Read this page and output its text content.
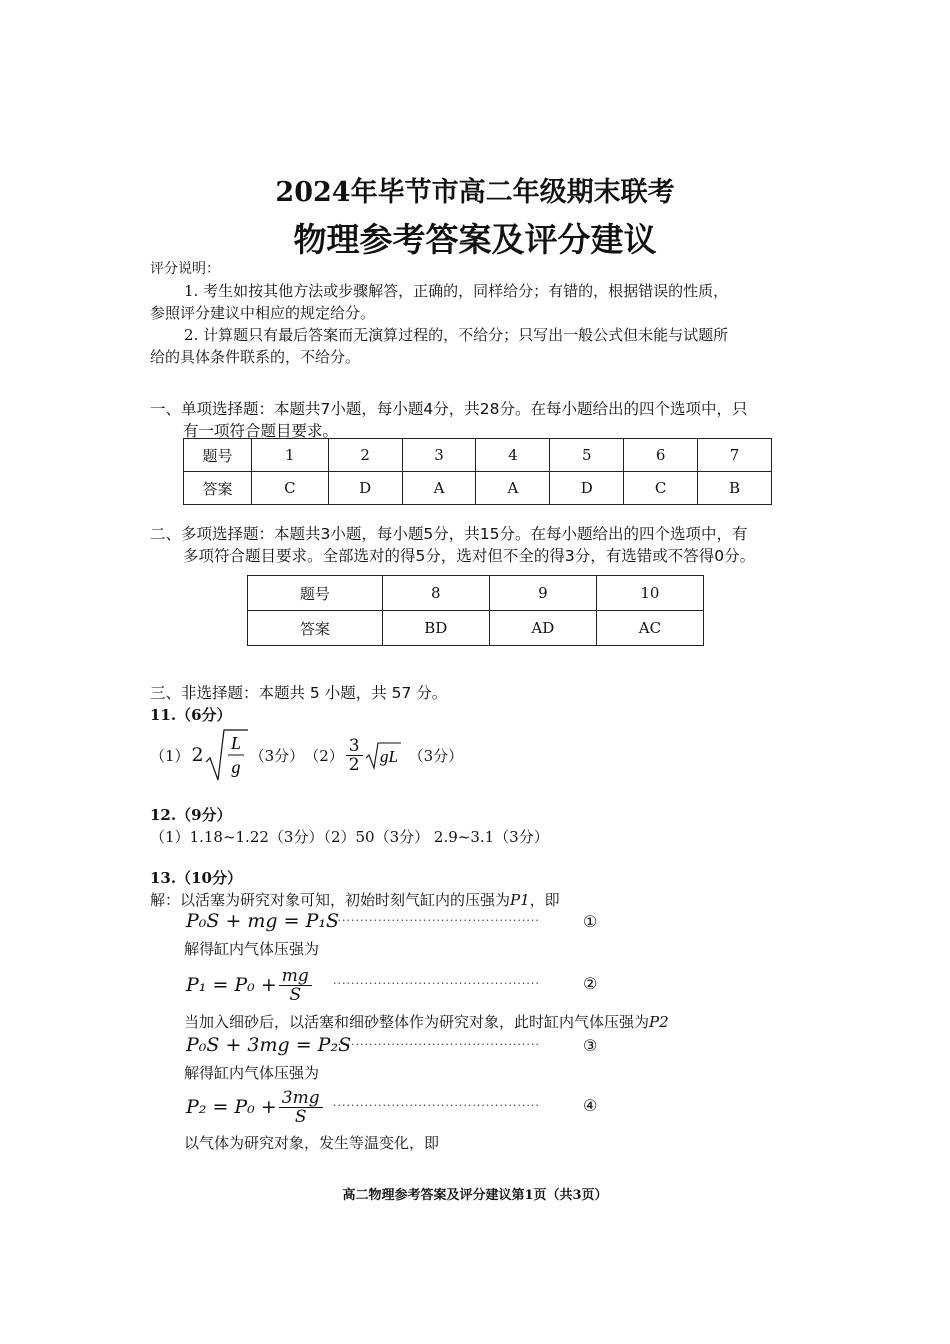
2024年毕节市高二年级期末联考
物理参考答案及评分建议
评分说明：
1. 考生如按其他方法或步骤解答，正确的，同样给分；有错的，根据错误的性质，
参照评分建议中相应的规定给分。
2. 计算题只有最后答案而无演算过程的，不给分；只写出一般公式但未能与试题所
给的具体条件联系的，不给分。
一、单项选择题：本题共7小题，每小题4分，共28分。在每小题给出的四个选项中，只
有一项符合题目要求。
题号	1	2	3	4	5	6	7
答案	C	D	A	A	D	C	B
二、多项选择题：本题共3小题，每小题5分，共15分。在每小题给出的四个选项中，有
多项符合题目要求。全部选对的得5分，选对但不全的得3分，有选错或不答得0分。
题号	8	9	10
答案	BD	AD	AC
三、非选择题：本题共 5 小题，共 57 分。
11.（6分）
（1） 2
L
g
（3分） $(2) \frac{3}{2}$ gL （3分）
12.（9分）
（1）1.18~1.22（3分）（2）50（3分） 2.9~3.1（3分）
13.（10分）
解：以活塞为研究对象可知，初始时刻气缸内的压强为P1，即
P₀S + mg = P₁S
··············································	①
解得缸内气体压强为
$P_1 = P_0 + \frac{mg}{S}$ ··············································	②
当加入细砂后，以活塞和细砂整体作为研究对象，此时缸内气体压强为P2
P₀S + 3mg = P₂S
··············································	③
解得缸内气体压强为
$P_2 = P_0 + \frac{3mg}{S}$ ··············································	④
以气体为研究对象，发生等温变化，即
高二物理参考答案及评分建议第1页（共3页）
